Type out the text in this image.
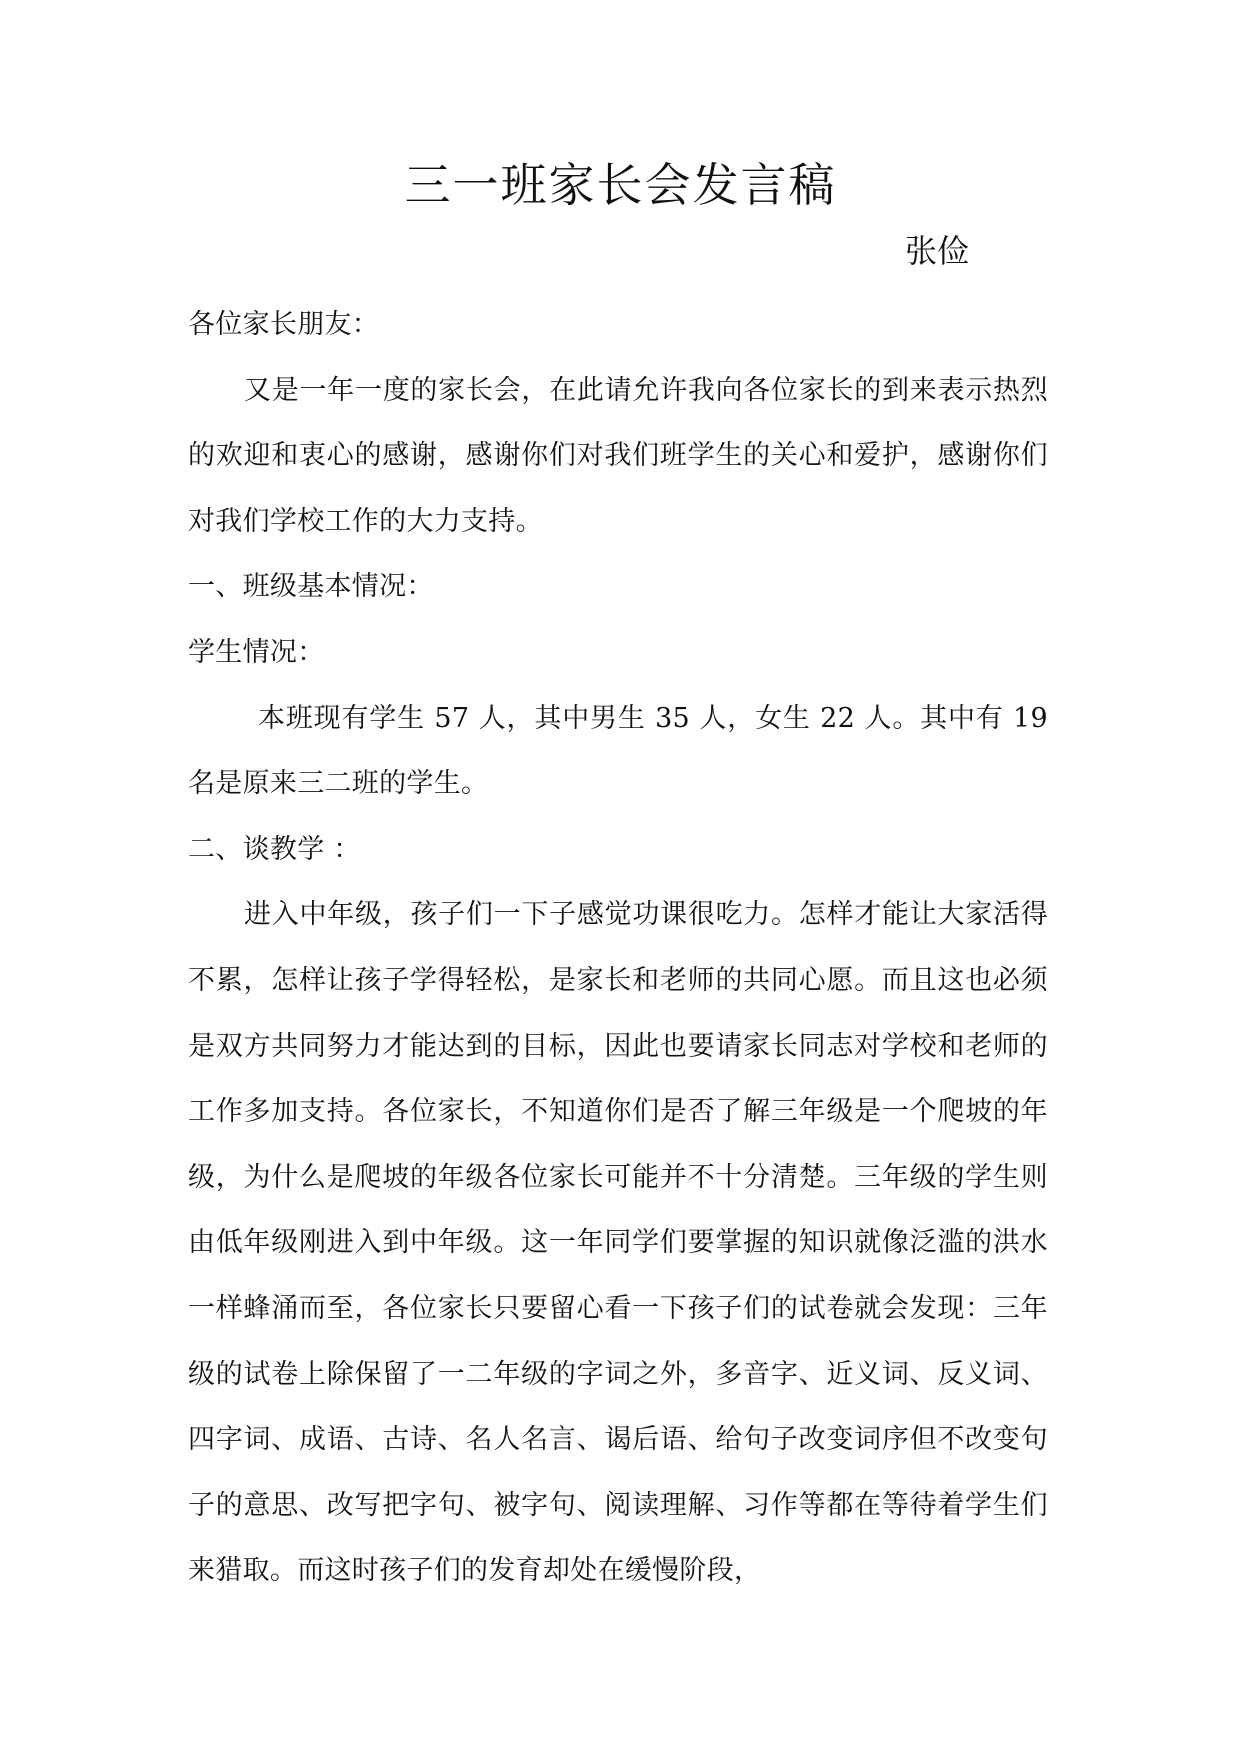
三一班家长会发言稿
张俭

各位家长朋友：

又是一年一度的家长会，在此请允许我向各位家长的到来表示热烈的欢迎和衷心的感谢，感谢你们对我们班学生的关心和爱护，感谢你们对我们学校工作的大力支持。

一、班级基本情况：

学生情况：

本班现有学生 57 人，其中男生 35 人，女生 22 人。其中有 19 名是原来三二班的学生。

二、谈教学 ：

进入中年级，孩子们一下子感觉功课很吃力。怎样才能让大家活得不累，怎样让孩子学得轻松，是家长和老师的共同心愿。而且这也必须是双方共同努力才能达到的目标，因此也要请家长同志对学校和老师的工作多加支持。各位家长，不知道你们是否了解三年级是一个爬坡的年级，为什么是爬坡的年级各位家长可能并不十分清楚。三年级的学生则由低年级刚进入到中年级。这一年同学们要掌握的知识就像泛滥的洪水一样蜂涌而至，各位家长只要留心看一下孩子们的试卷就会发现：三年级的试卷上除保留了一二年级的字词之外，多音字、近义词、反义词、四字词、成语、古诗、名人名言、谒后语、给句子改变词序但不改变句子的意思、改写把字句、被字句、阅读理解、习作等都在等待着学生们来猎取。而这时孩子们的发育却处在缓慢阶段，
